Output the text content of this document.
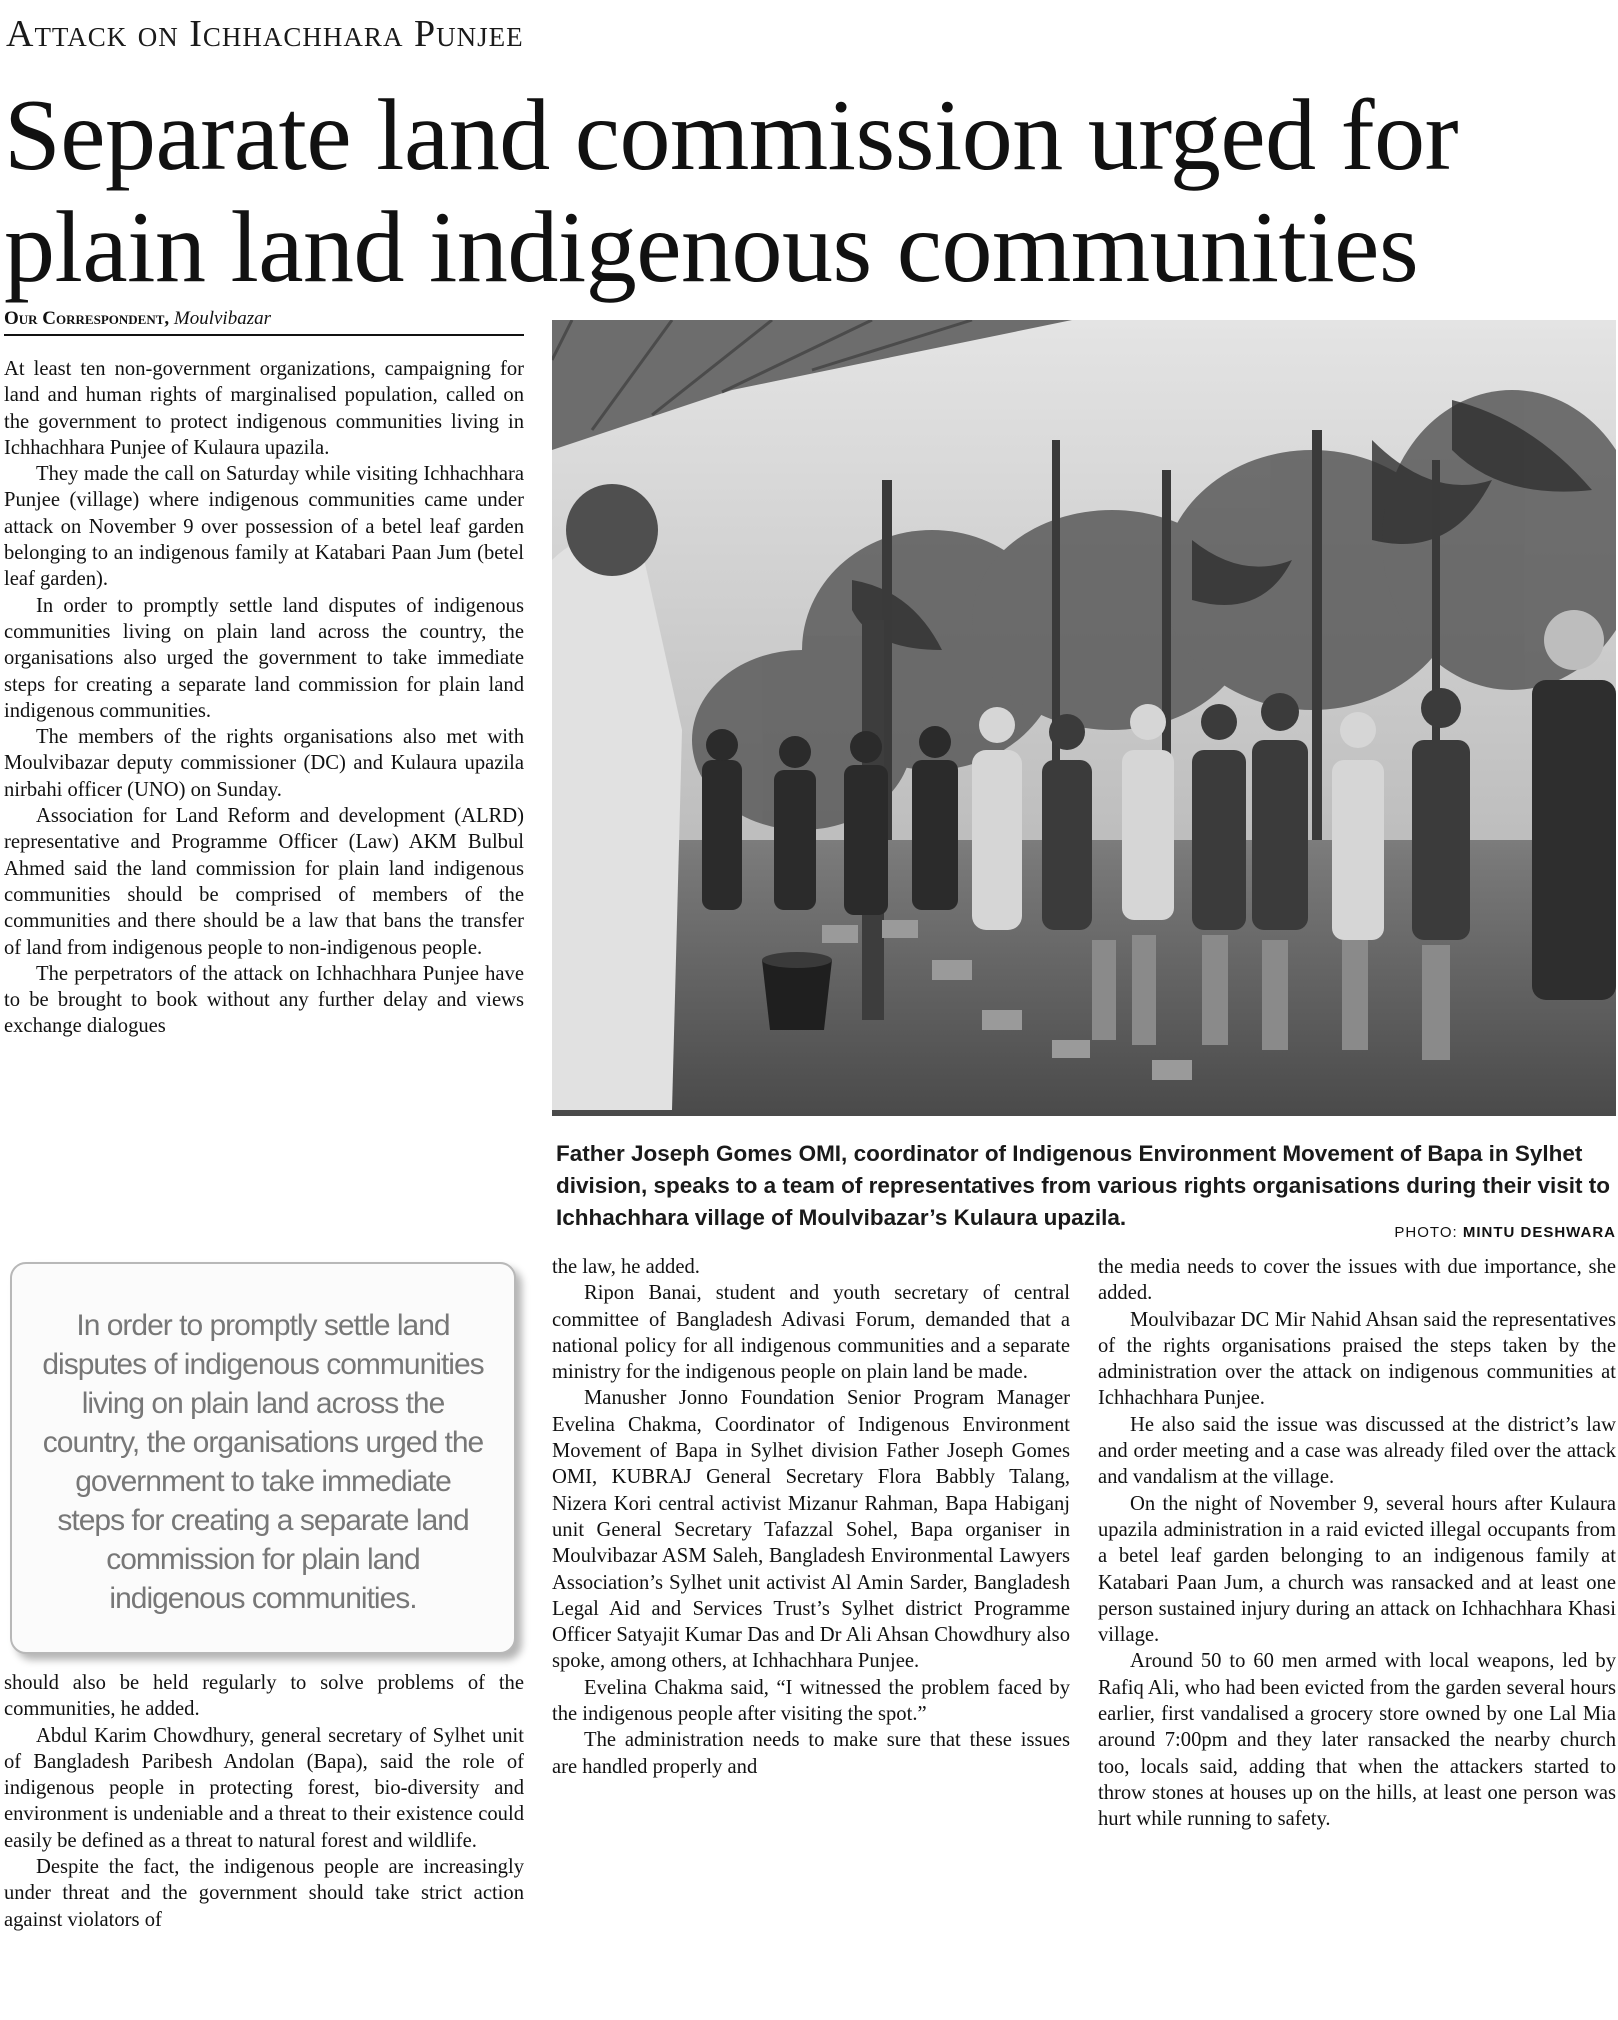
Attack on Ichhachhara Punjee
Separate land commission urged for plain land indigenous communities
Our Correspondent, Moulvibazar

At least ten non-government organizations, campaigning for land and human rights of marginalised population, called on the government to protect indigenous communities living in Ichhachhara Punjee of Kulaura upazila.

They made the call on Saturday while visiting Ichhachhara Punjee (village) where indigenous communities came under attack on November 9 over possession of a betel leaf garden belonging to an indigenous family at Katabari Paan Jum (betel leaf garden).

In order to promptly settle land disputes of indigenous communities living on plain land across the country, the organisations also urged the government to take immediate steps for creating a separate land commission for plain land indigenous communities.

The members of the rights organisations also met with Moulvibazar deputy commissioner (DC) and Kulaura upazila nirbahi officer (UNO) on Sunday.

Association for Land Reform and development (ALRD) representative and Programme Officer (Law) AKM Bulbul Ahmed said the land commission for plain land indigenous communities should be comprised of members of the communities and there should be a law that bans the transfer of land from indigenous people to non-indigenous people.

The perpetrators of the attack on Ichhachhara Punjee have to be brought to book without any further delay and views exchange dialogues

In order to promptly settle land disputes of indigenous communities living on plain land across the country, the organisations urged the government to take immediate steps for creating a separate land commission for plain land indigenous communities.

should also be held regularly to solve problems of the communities, he added.

Abdul Karim Chowdhury, general secretary of Sylhet unit of Bangladesh Paribesh Andolan (Bapa), said the role of indigenous people in protecting forest, bio-diversity and environment is undeniable and a threat to their existence could easily be defined as a threat to natural forest and wildlife.

Despite the fact, the indigenous people are increasingly under threat and the government should take strict action against violators of

Father Joseph Gomes OMI, coordinator of Indigenous Environment Movement of Bapa in Sylhet division, speaks to a team of representatives from various rights organisations during their visit to Ichhachhara village of Moulvibazar’s Kulaura upazila.
PHOTO: MINTU DESHWARA

the law, he added.

Ripon Banai, student and youth secretary of central committee of Bangladesh Adivasi Forum, demanded that a national policy for all indigenous communities and a separate ministry for the indigenous people on plain land be made.

Manusher Jonno Foundation Senior Program Manager Evelina Chakma, Coordinator of Indigenous Environment Movement of Bapa in Sylhet division Father Joseph Gomes OMI, KUBRAJ General Secretary Flora Babbly Talang, Nizera Kori central activist Mizanur Rahman, Bapa Habiganj unit General Secretary Tafazzal Sohel, Bapa organiser in Moulvibazar ASM Saleh, Bangladesh Environmental Lawyers Association’s Sylhet unit activist Al Amin Sarder, Bangladesh Legal Aid and Services Trust’s Sylhet district Programme Officer Satyajit Kumar Das and Dr Ali Ahsan Chowdhury also spoke, among others, at Ichhachhara Punjee.

Evelina Chakma said, “I witnessed the problem faced by the indigenous people after visiting the spot.”

The administration needs to make sure that these issues are handled properly and

the media needs to cover the issues with due importance, she added.

Moulvibazar DC Mir Nahid Ahsan said the representatives of the rights organisations praised the steps taken by the administration over the attack on indigenous communities at Ichhachhara Punjee.

He also said the issue was discussed at the district’s law and order meeting and a case was already filed over the attack and vandalism at the village.

On the night of November 9, several hours after Kulaura upazila administration in a raid evicted illegal occupants from a betel leaf garden belonging to an indigenous family at Katabari Paan Jum, a church was ransacked and at least one person sustained injury during an attack on Ichhachhara Khasi village.

Around 50 to 60 men armed with local weapons, led by Rafiq Ali, who had been evicted from the garden several hours earlier, first vandalised a grocery store owned by one Lal Mia around 7:00pm and they later ransacked the nearby church too, locals said, adding that when the attackers started to throw stones at houses up on the hills, at least one person was hurt while running to safety.
